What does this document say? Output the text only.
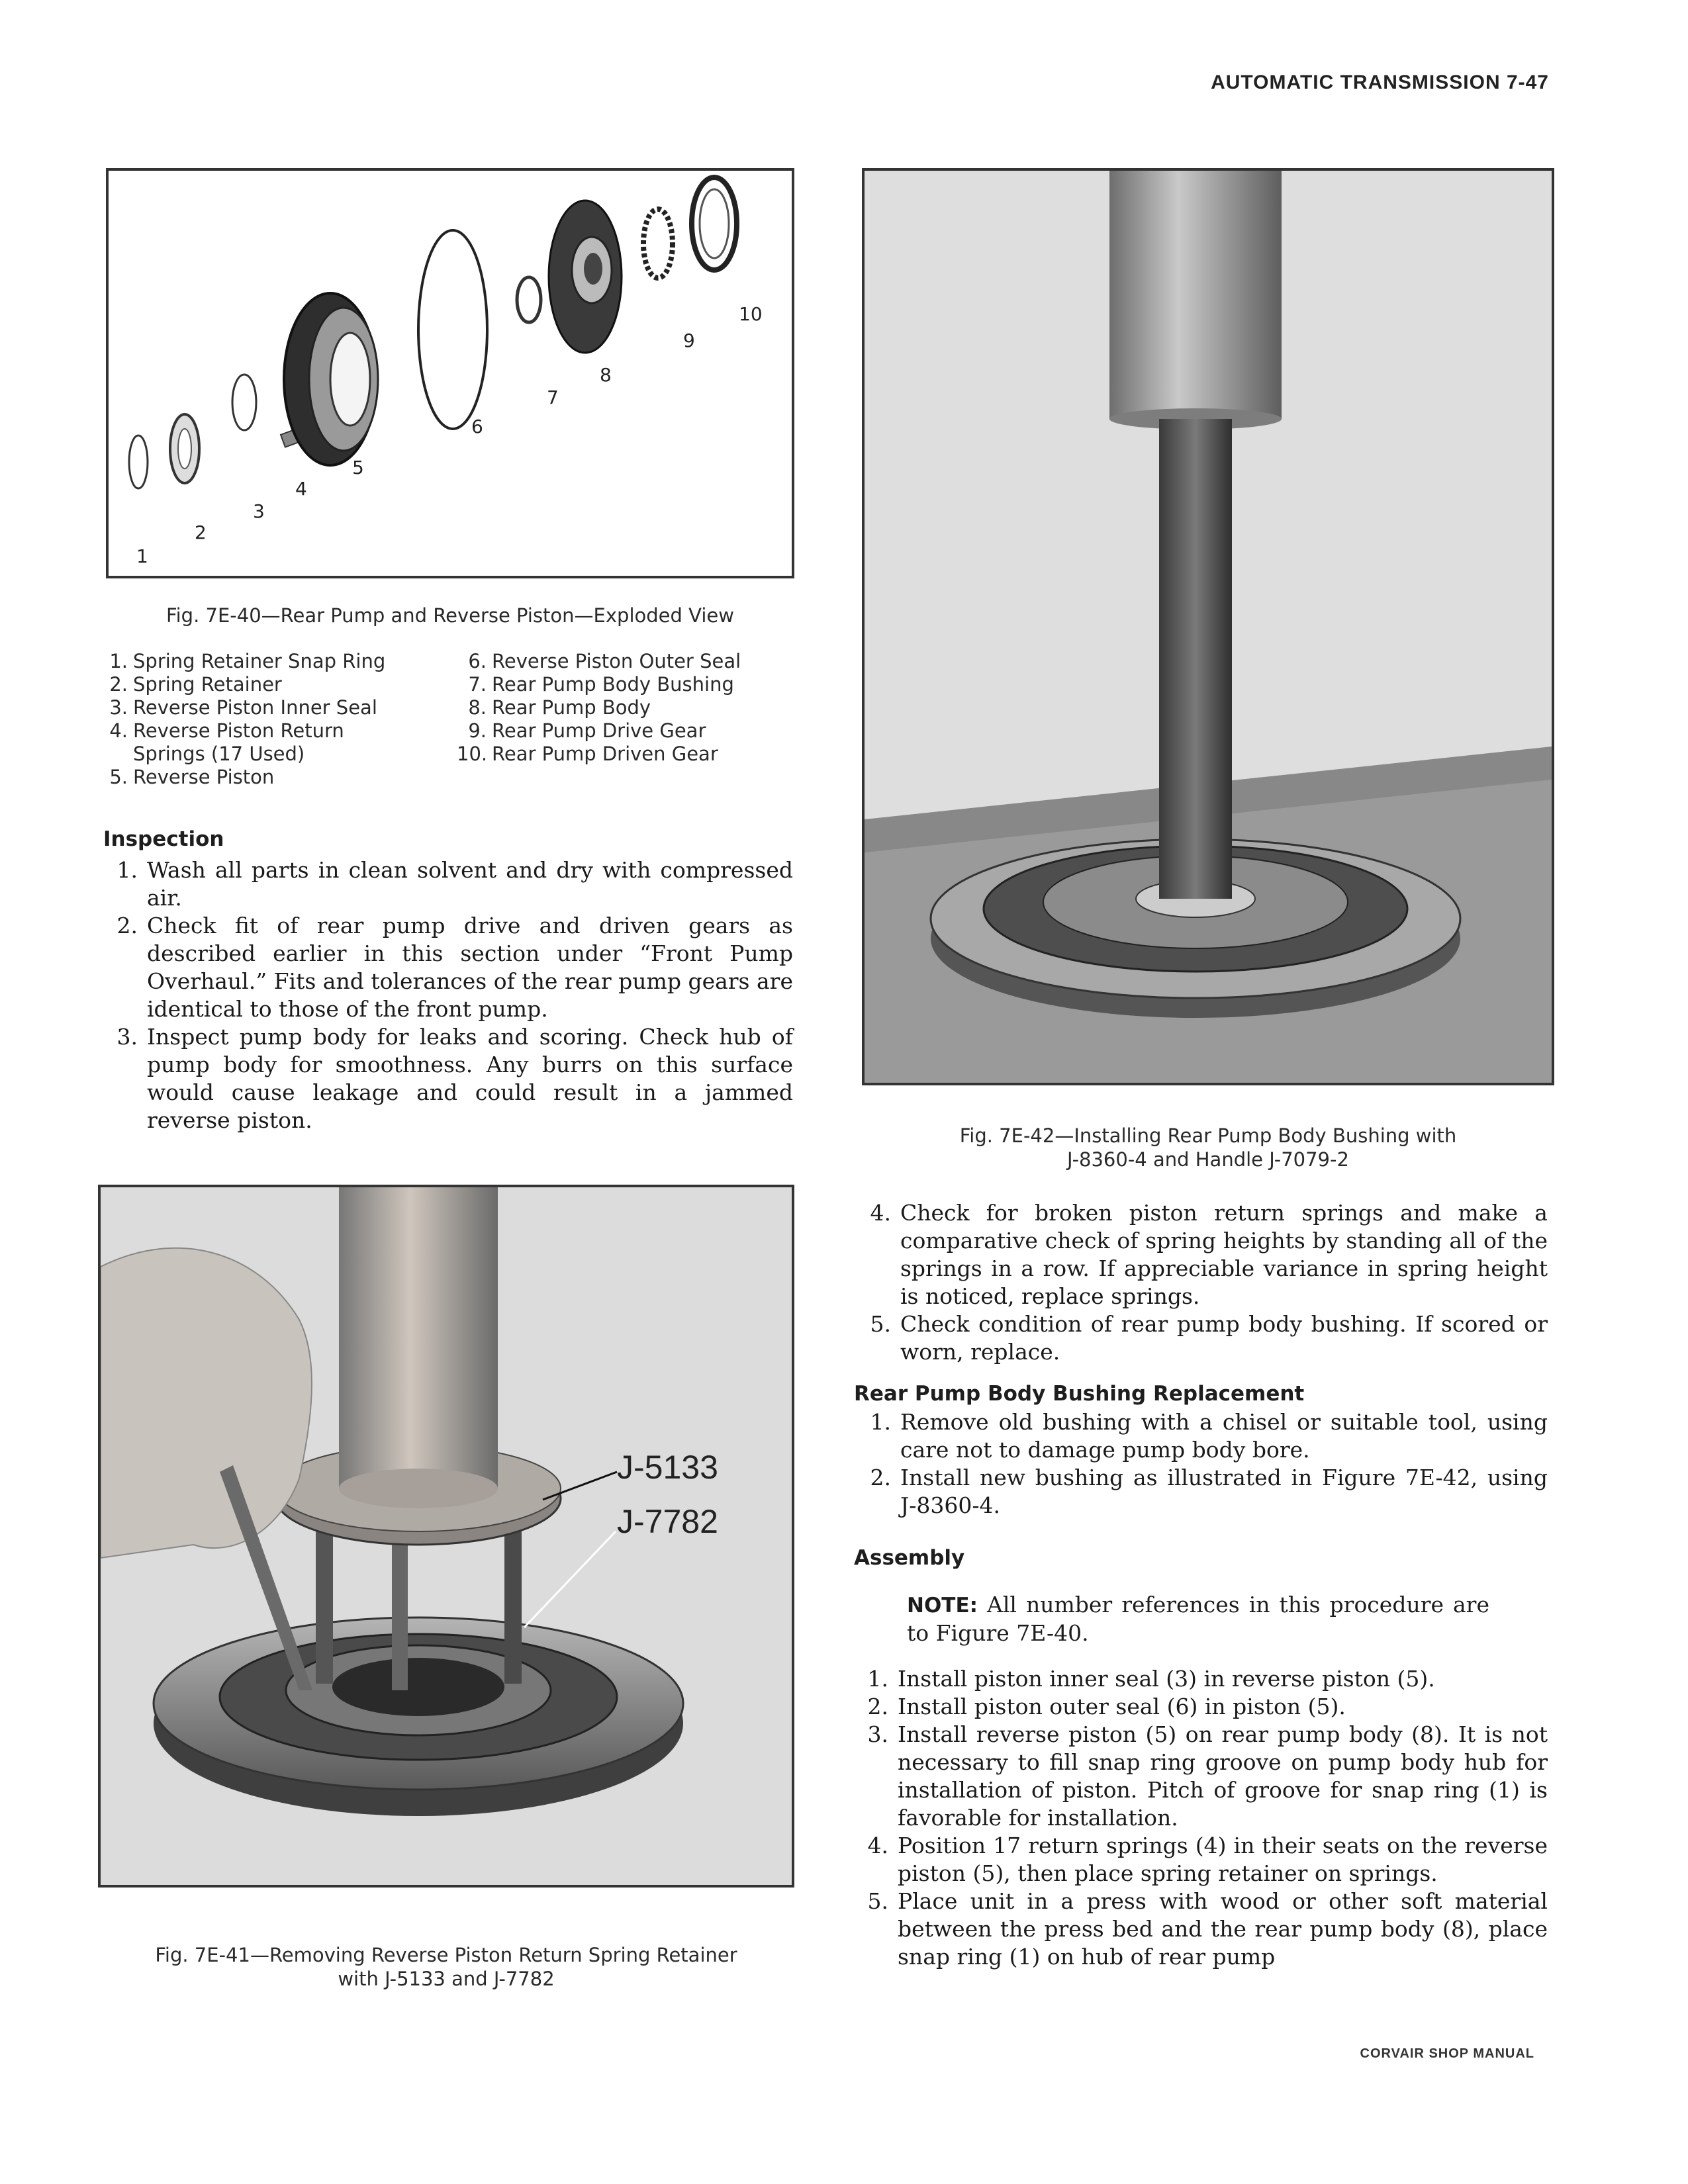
AUTOMATIC TRANSMISSION 7-47
1
2
3
4
5
6
7
8
9
10
Fig. 7E-40—Rear Pump and Reverse Piston—Exploded View
1. Spring Retainer Snap Ring
2. Spring Retainer
3. Reverse Piston Inner Seal
4. Reverse Piston Return
Springs (17 Used)
5. Reverse Piston
6. Reverse Piston Outer Seal
7. Rear Pump Body Bushing
8. Rear Pump Body
9. Rear Pump Drive Gear
10. Rear Pump Driven Gear
Inspection
1. Wash all parts in clean solvent and dry with compressed air.
2. Check fit of rear pump drive and driven gears as described earlier in this section under “Front Pump Overhaul.” Fits and tolerances of the rear pump gears are identical to those of the front pump.
3. Inspect pump body for leaks and scoring. Check hub of pump body for smoothness. Any burrs on this surface would cause leakage and could result in a jammed reverse piston.
J-5133
J-7782
Fig. 7E-41—Removing Reverse Piston Return Spring Retainer
with J-5133 and J-7782
Fig. 7E-42—Installing Rear Pump Body Bushing with
J-8360-4 and Handle J-7079-2
4. Check for broken piston return springs and make a comparative check of spring heights by standing all of the springs in a row. If appreciable variance in spring height is noticed, replace springs.
5. Check condition of rear pump body bushing. If scored or worn, replace.
Rear Pump Body Bushing Replacement
1. Remove old bushing with a chisel or suitable tool, using care not to damage pump body bore.
2. Install new bushing as illustrated in Figure 7E-42, using J-8360-4.
Assembly
NOTE: All number references in this procedure are to Figure 7E-40.
1. Install piston inner seal (3) in reverse piston (5).
2. Install piston outer seal (6) in piston (5).
3. Install reverse piston (5) on rear pump body (8). It is not necessary to fill snap ring groove on pump body hub for installation of piston. Pitch of groove for snap ring (1) is favorable for installation.
4. Position 17 return springs (4) in their seats on the reverse piston (5), then place spring retainer on springs.
5. Place unit in a press with wood or other soft material between the press bed and the rear pump body (8), place snap ring (1) on hub of rear pump
CORVAIR SHOP MANUAL
